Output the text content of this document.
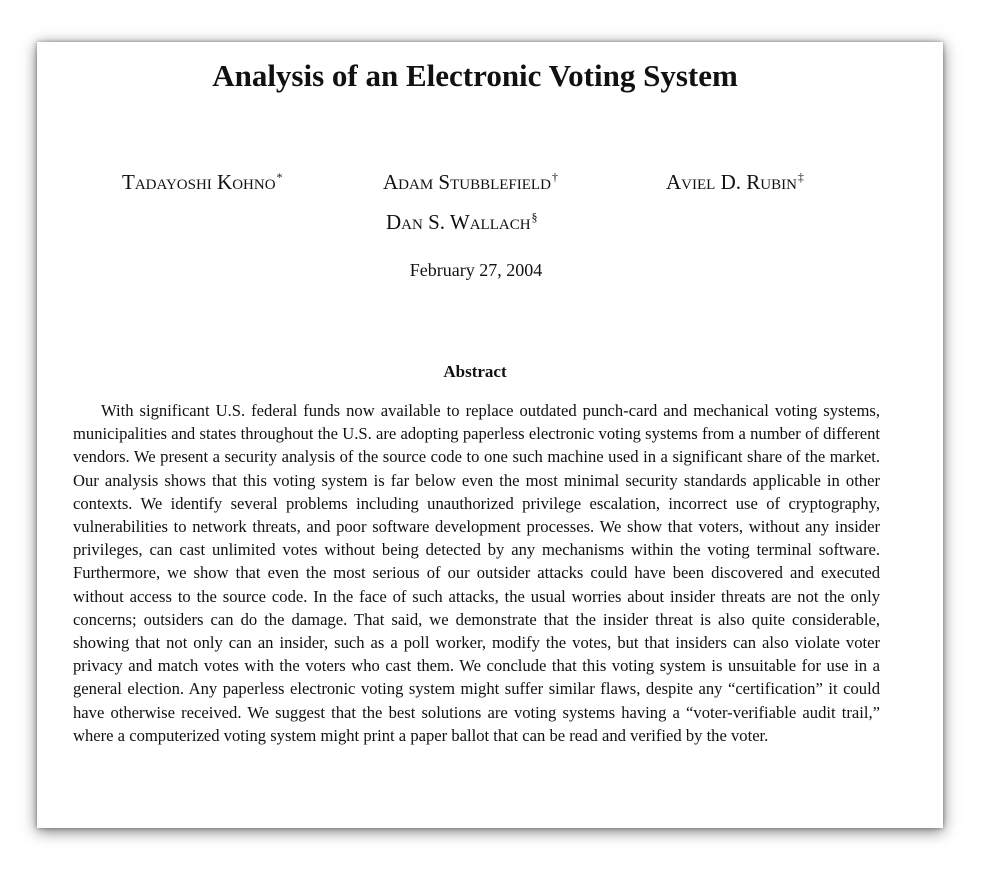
Analysis of an Electronic Voting System
Tadayoshi Kohno*	Adam Stubblefield†	Aviel D. Rubin‡
Dan S. Wallach§
February 27, 2004
Abstract

With significant U.S. federal funds now available to replace outdated punch-card and mechanical voting systems, municipalities and states throughout the U.S. are adopting paperless electronic voting systems from a number of different vendors. We present a security analysis of the source code to one such machine used in a significant share of the market. Our analysis shows that this voting system is far below even the most minimal security standards applicable in other contexts. We identify several problems including unauthorized privilege escalation, incorrect use of cryptography, vulnerabilities to network threats, and poor software development processes. We show that voters, without any insider privileges, can cast unlimited votes without being detected by any mechanisms within the voting terminal software. Furthermore, we show that even the most serious of our outsider attacks could have been discovered and executed without access to the source code. In the face of such attacks, the usual worries about insider threats are not the only concerns; outsiders can do the damage. That said, we demonstrate that the insider threat is also quite considerable, showing that not only can an insider, such as a poll worker, modify the votes, but that insiders can also violate voter privacy and match votes with the voters who cast them. We conclude that this voting system is unsuitable for use in a general election. Any paperless electronic voting system might suffer similar flaws, despite any “certification” it could have otherwise received. We suggest that the best solutions are voting systems having a “voter-verifiable audit trail,” where a computerized voting system might print a paper ballot that can be read and verified by the voter.
